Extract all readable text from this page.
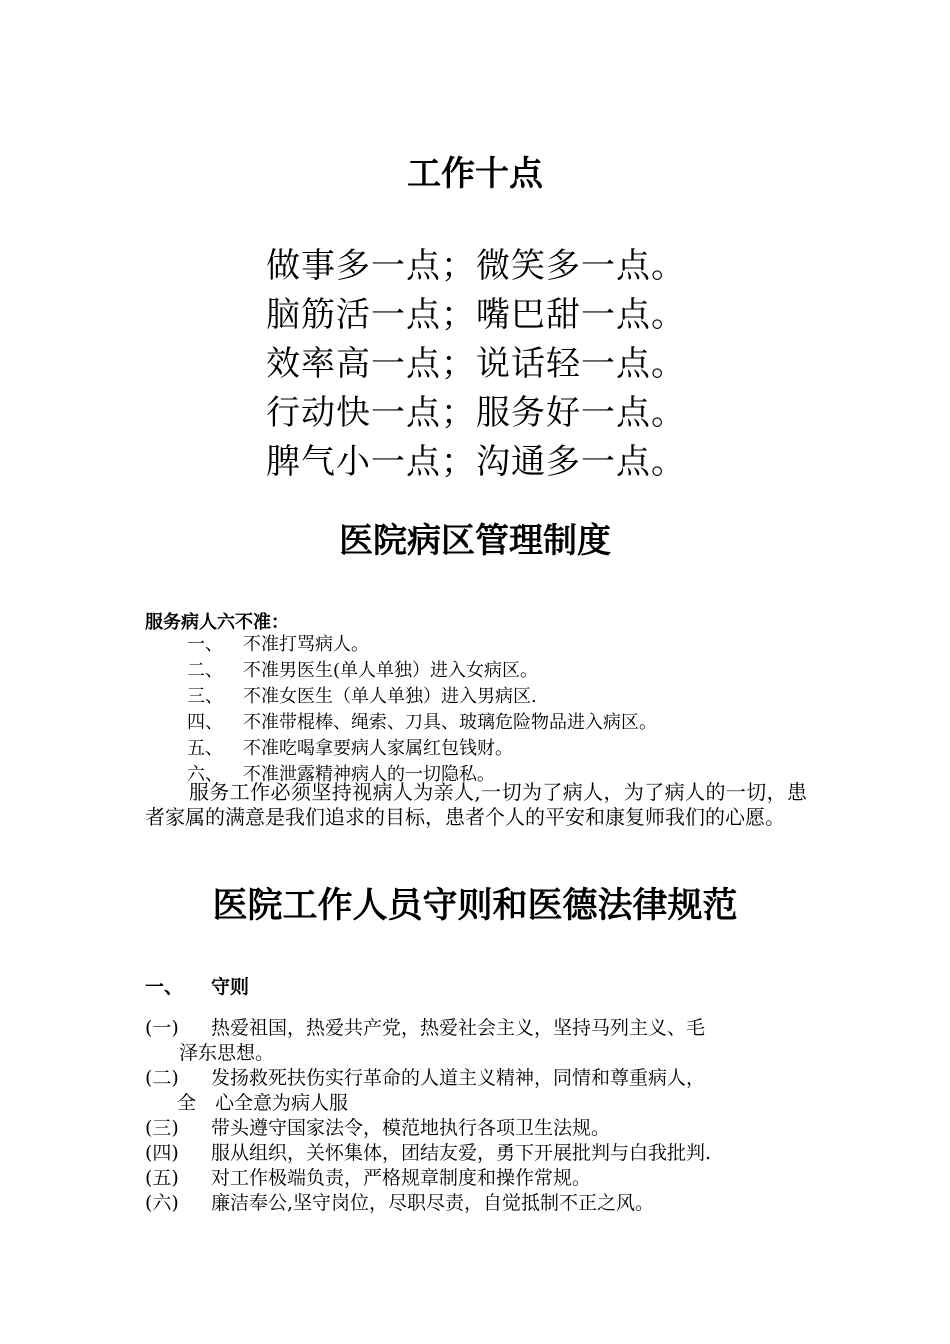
工作十点
做事多一点；微笑多一点。
脑筋活一点；嘴巴甜一点。
效率高一点；说话轻一点。
行动快一点；服务好一点。
脾气小一点；沟通多一点。
医院病区管理制度
服务病人六不准：
一、 不准打骂病人。
二、 不准男医生(单人单独）进入女病区。
三、 不准女医生（单人单独）进入男病区.
四、 不准带棍棒、绳索、刀具、玻璃危险物品进入病区。
五、 不准吃喝拿要病人家属红包钱财。
六、 不准泄露精神病人的一切隐私。
服务工作必须坚持视病人为亲人,一切为了病人，为了病人的一切，患者家属的满意是我们追求的目标，患者个人的平安和康复师我们的心愿。
医院工作人员守则和医德法律规范
一、 守则
(一) 热爱祖国，热爱共产党，热爱社会主义，坚持马列主义、毛
泽东思想。
(二) 发扬救死扶伤实行革命的人道主义精神，同情和尊重病人，
全　心全意为病人服
(三) 带头遵守国家法令，模范地执行各项卫生法规。
(四) 服从组织，关怀集体，团结友爱，勇下开展批判与白我批判.
(五) 对工作极端负责，严格规章制度和操作常规。
(六) 廉洁奉公,坚守岗位，尽职尽责，自觉抵制不正之风。
